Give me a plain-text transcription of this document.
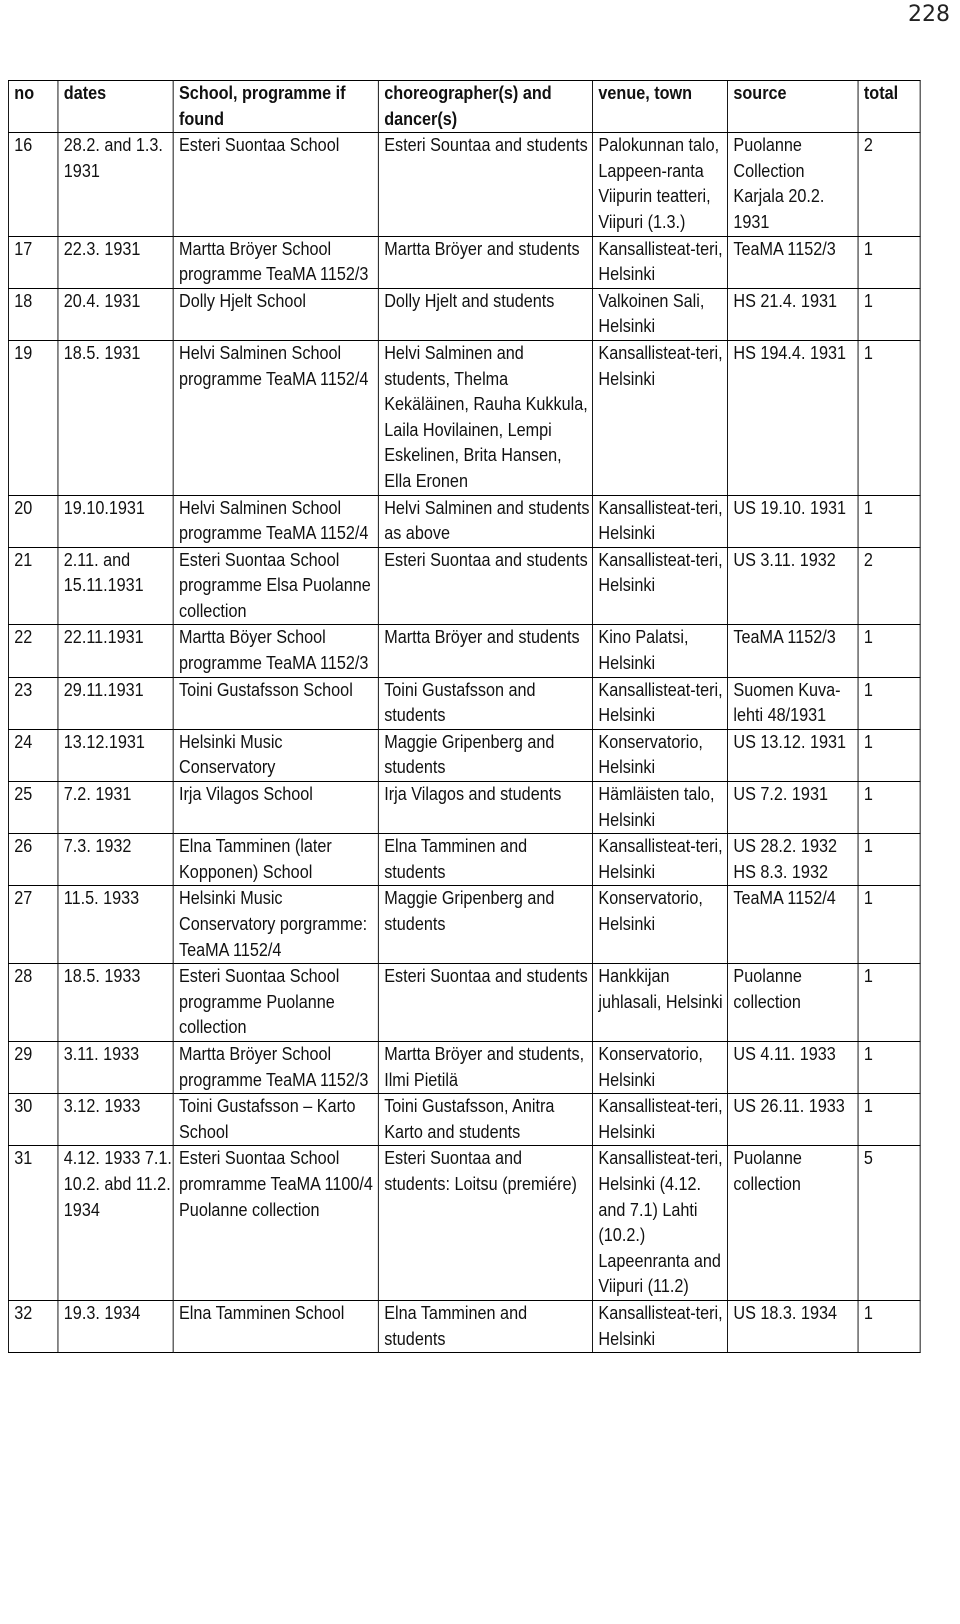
228
no	dates	School, programme if found	choreographer(s) and dancer(s)	venue, town	source	total
16	28.2. and 1.3. 1931	Esteri Suontaa School	Esteri Sountaa and students	Palokunnan talo, Lappeen-ranta Viipurin teatteri, Viipuri (1.3.)	Puolanne Collection Karjala 20.2. 1931	2
17	22.3. 1931	Martta Bröyer School programme TeaMA 1152/3	Martta Bröyer and students	Kansallisteat-teri, Helsinki	TeaMA 1152/3	1
18	20.4. 1931	Dolly Hjelt School	Dolly Hjelt and students	Valkoinen Sali, Helsinki	HS 21.4. 1931	1
19	18.5. 1931	Helvi Salminen School programme TeaMA 1152/4	Helvi Salminen and students, Thelma Kekäläinen, Rauha Kukkula, Laila Hovilainen, Lempi Eskelinen, Brita Hansen, Ella Eronen	Kansallisteat-teri, Helsinki	HS 194.4. 1931	1
20	19.10.1931	Helvi Salminen School programme TeaMA 1152/4	Helvi Salminen and students as above	Kansallisteat-teri, Helsinki	US 19.10. 1931	1
21	2.11. and 15.11.1931	Esteri Suontaa School programme Elsa Puolanne collection	Esteri Suontaa and students	Kansallisteat-teri, Helsinki	US 3.11. 1932	2
22	22.11.1931	Martta Böyer School programme TeaMA 1152/3	Martta Bröyer and students	Kino Palatsi, Helsinki	TeaMA 1152/3	1
23	29.11.1931	Toini Gustafsson School	Toini Gustafsson and students	Kansallisteat-teri, Helsinki	Suomen Kuva-lehti 48/1931	1
24	13.12.1931	Helsinki Music Conservatory	Maggie Gripenberg and students	Konservatorio, Helsinki	US 13.12. 1931	1
25	7.2. 1931	Irja Vilagos School	Irja Vilagos and students	Hämläisten talo, Helsinki	US 7.2. 1931	1
26	7.3. 1932	Elna Tamminen (later Kopponen) School	Elna Tamminen and students	Kansallisteat-teri, Helsinki	US 28.2. 1932 HS 8.3. 1932	1
27	11.5. 1933	Helsinki Music Conservatory porgramme: TeaMA 1152/4	Maggie Gripenberg and students	Konservatorio, Helsinki	TeaMA 1152/4	1
28	18.5. 1933	Esteri Suontaa School programme Puolanne collection	Esteri Suontaa and students	Hankkijan juhlasali, Helsinki	Puolanne collection	1
29	3.11. 1933	Martta Bröyer School programme TeaMA 1152/3	Martta Bröyer and students, Ilmi Pietilä	Konservatorio, Helsinki	US 4.11. 1933	1
30	3.12. 1933	Toini Gustafsson – Karto School	Toini Gustafsson, Anitra Karto and students	Kansallisteat-teri, Helsinki	US 26.11. 1933	1
31	4.12. 1933 7.1. 10.2. abd 11.2. 1934	Esteri Suontaa School promramme TeaMA 1100/4 Puolanne collection	Esteri Suontaa and students: Loitsu (premiére)	Kansallisteat-teri, Helsinki (4.12. and 7.1) Lahti (10.2.) Lapeenranta and Viipuri (11.2)	Puolanne collection	5
32	19.3. 1934	Elna Tamminen School	Elna Tamminen and students	Kansallisteat-teri, Helsinki	US 18.3. 1934	1
